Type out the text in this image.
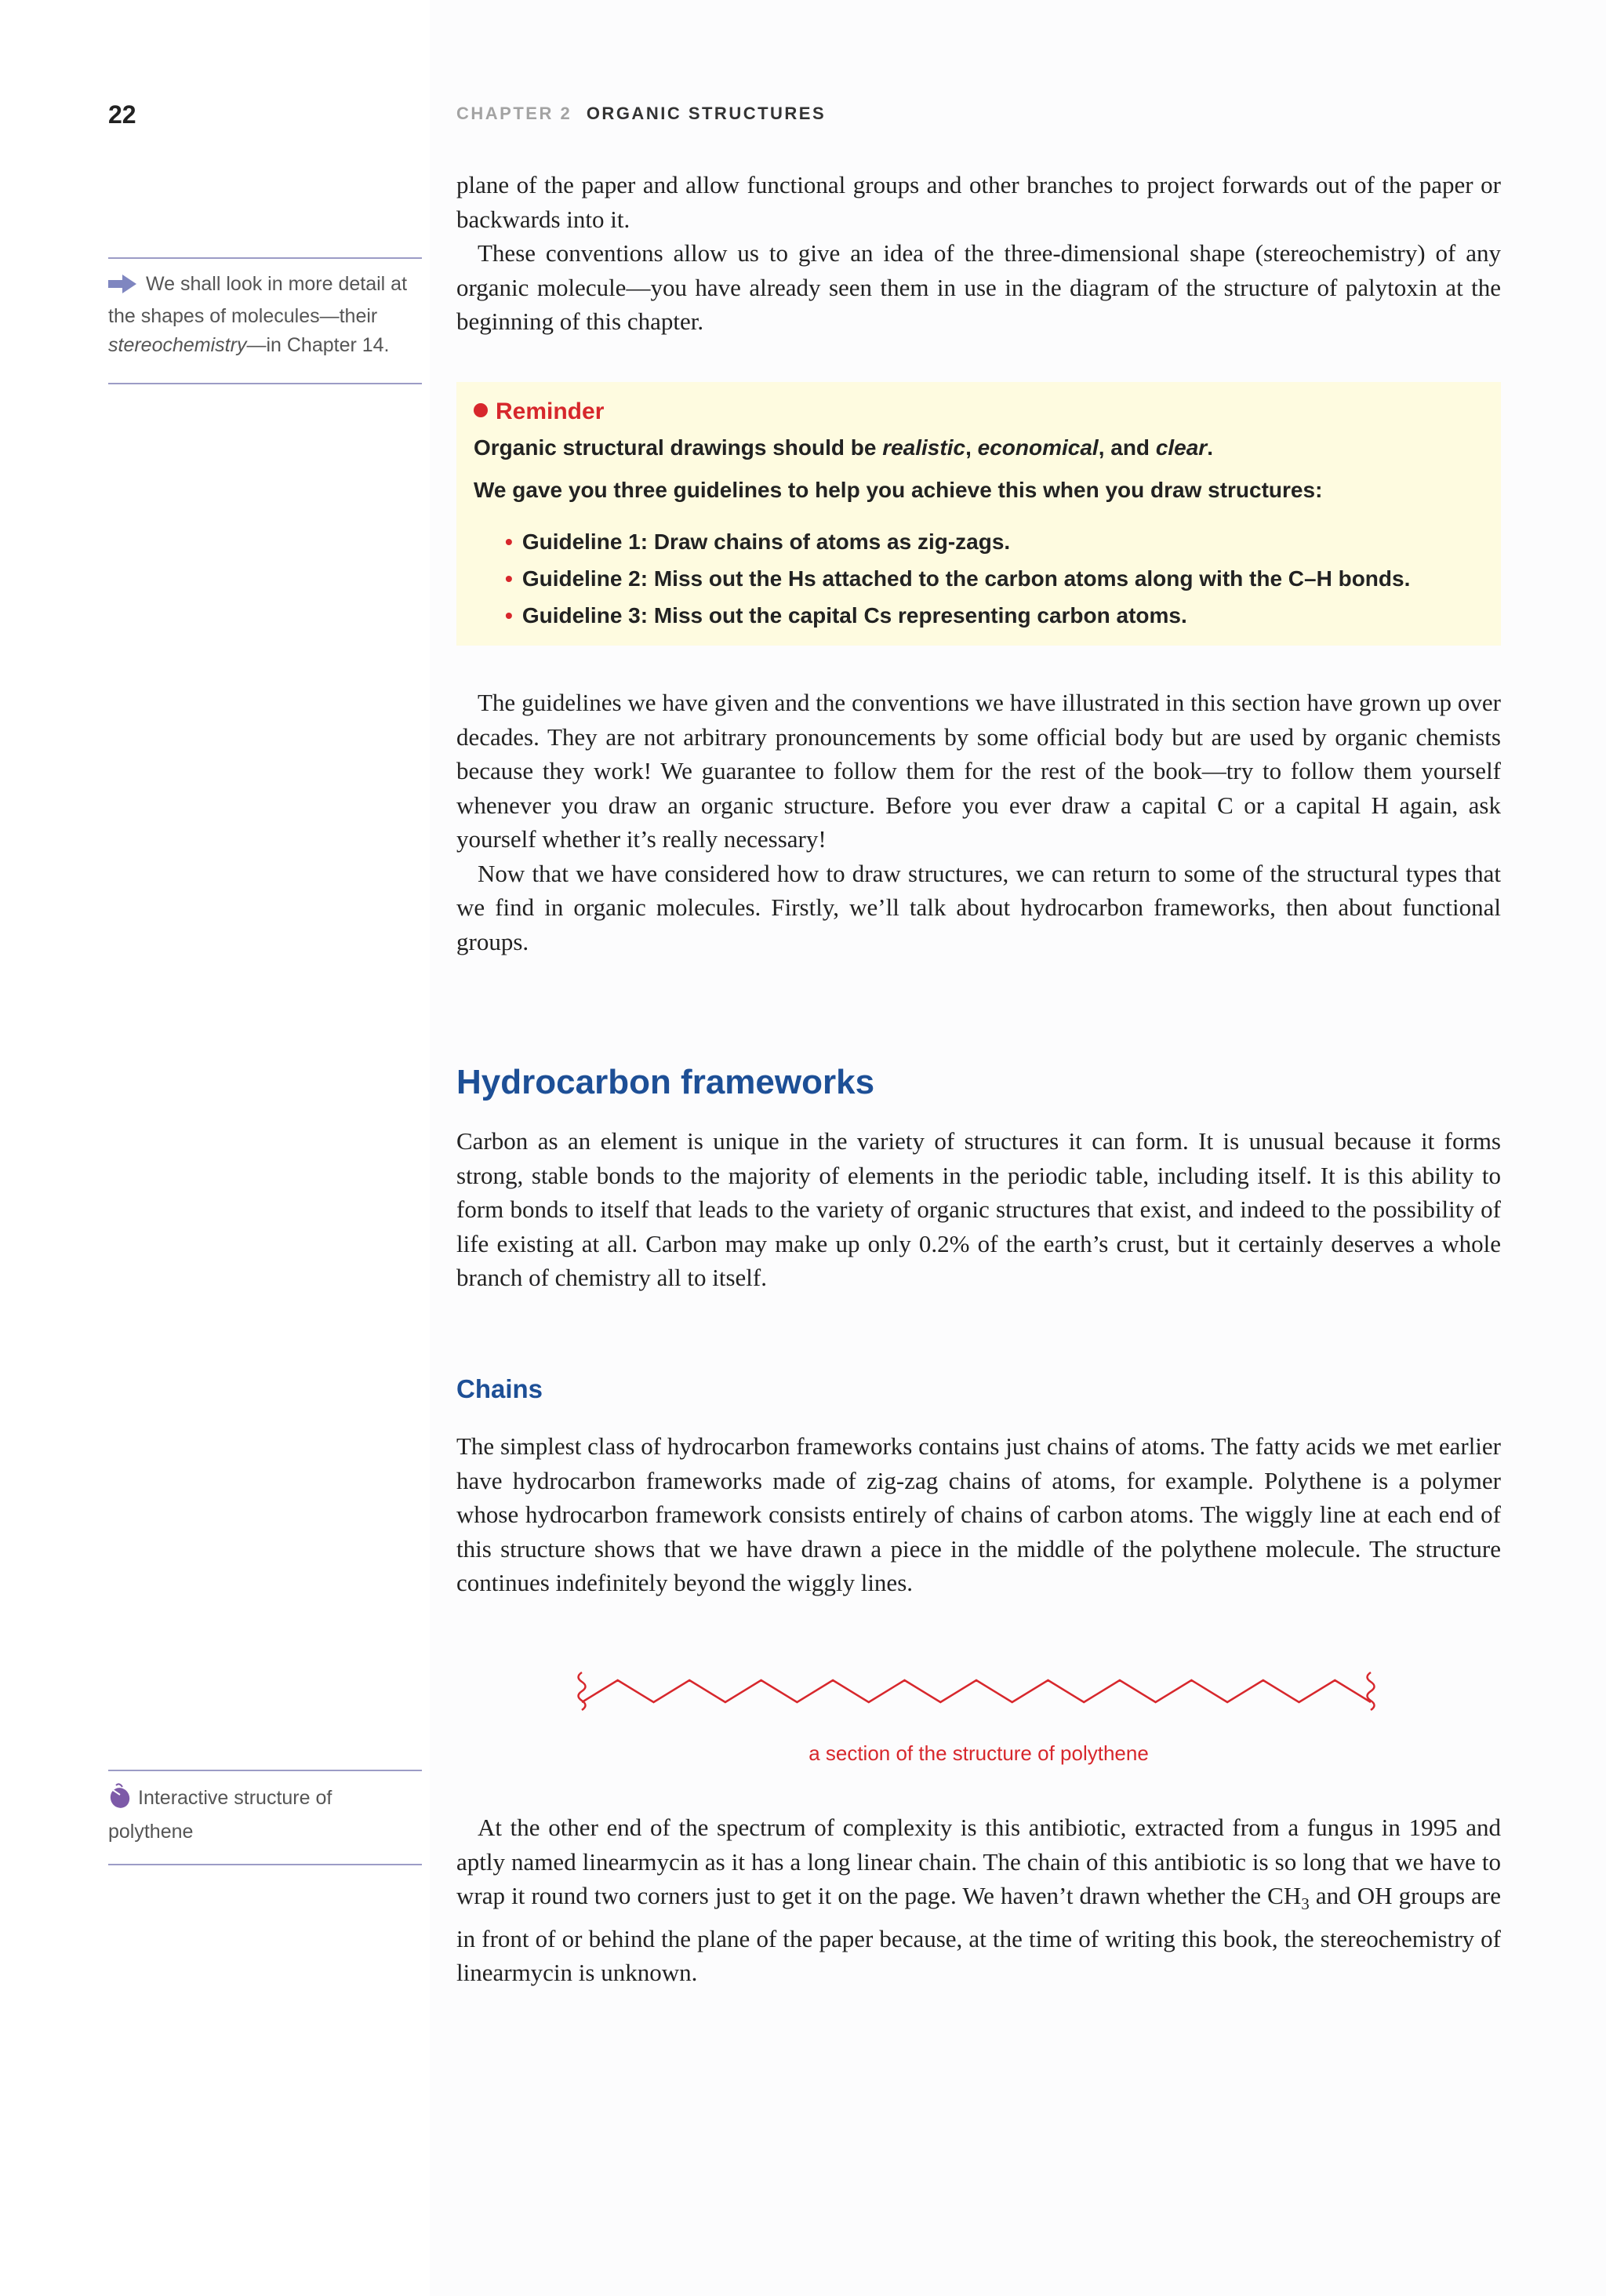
22	CHAPTER 2 ORGANIC STRUCTURES

plane of the paper and allow functional groups and other branches to project forwards out of the paper or backwards into it.

These conventions allow us to give an idea of the three-dimensional shape (stereochemistry) of any organic molecule—you have already seen them in use in the diagram of the structure of palytoxin at the beginning of this chapter.

We shall look in more detail at the shapes of molecules—their stereochemistry—in Chapter 14.
Reminder

Organic structural drawings should be realistic, economical, and clear.

We gave you three guidelines to help you achieve this when you draw structures:

• Guideline 1: Draw chains of atoms as zig-zags.
• Guideline 2: Miss out the Hs attached to the carbon atoms along with the C–H bonds.
• Guideline 3: Miss out the capital Cs representing carbon atoms.

The guidelines we have given and the conventions we have illustrated in this section have grown up over decades. They are not arbitrary pronouncements by some official body but are used by organic chemists because they work! We guarantee to follow them for the rest of the book—try to follow them yourself whenever you draw an organic structure. Before you ever draw a capital C or a capital H again, ask yourself whether it’s really necessary!

Now that we have considered how to draw structures, we can return to some of the structural types that we find in organic molecules. Firstly, we’ll talk about hydrocarbon frameworks, then about functional groups.

Hydrocarbon frameworks

Carbon as an element is unique in the variety of structures it can form. It is unusual because it forms strong, stable bonds to the majority of elements in the periodic table, including itself. It is this ability to form bonds to itself that leads to the variety of organic structures that exist, and indeed to the possibility of life existing at all. Carbon may make up only 0.2% of the earth’s crust, but it certainly deserves a whole branch of chemistry all to itself.

Chains

The simplest class of hydrocarbon frameworks contains just chains of atoms. The fatty acids we met earlier have hydrocarbon frameworks made of zig-zag chains of atoms, for example. Polythene is a polymer whose hydrocarbon framework consists entirely of chains of carbon atoms. The wiggly line at each end of this structure shows that we have drawn a piece in the middle of the polythene molecule. The structure continues indefinitely beyond the wiggly lines.

a section of the structure of polythene
Interactive structure of polythene	At the other end of the spectrum of complexity is this antibiotic, extracted from a fungus in 1995 and aptly named linearmycin as it has a long linear chain. The chain of this antibiotic is so long that we have to wrap it round two corners just to get it on the page. We haven’t drawn whether the $CH_3$ and OH groups are in front of or behind the plane of the paper because, at the time of writing this book, the stereochemistry of linearmycin is unknown.
